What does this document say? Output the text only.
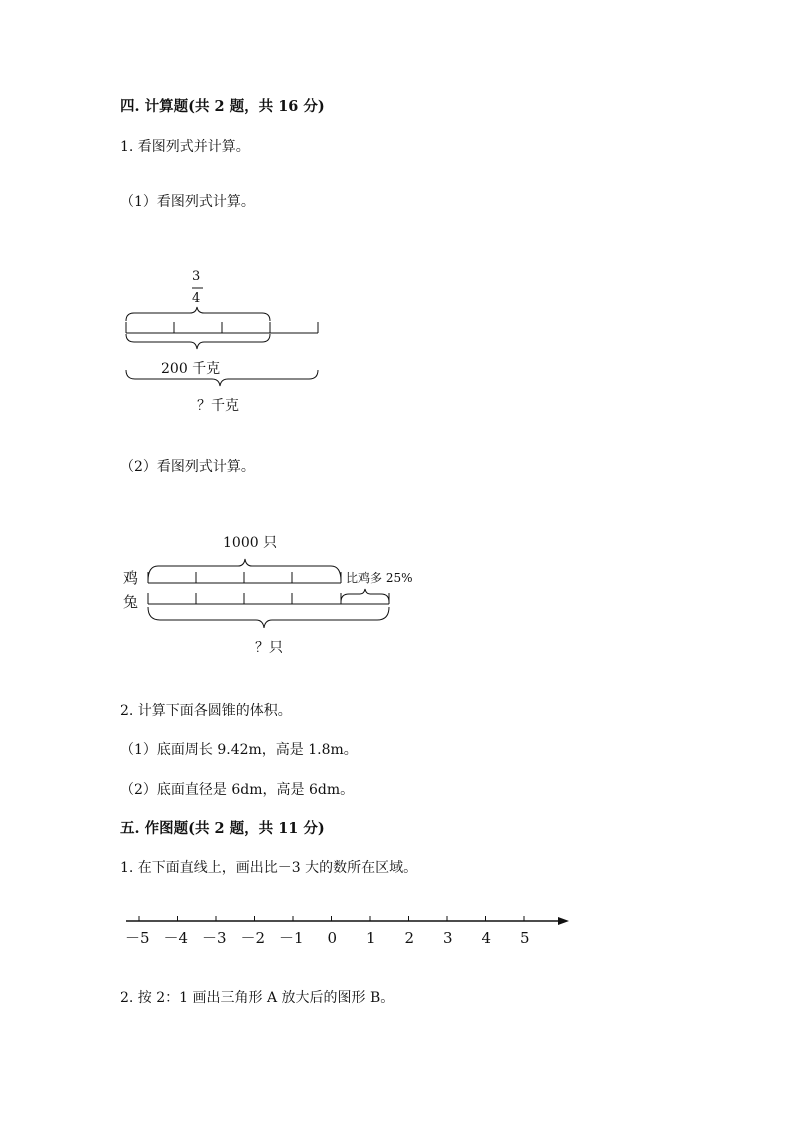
四. 计算题(共 2 题，共 16 分)
1. 看图列式并计算。
（1）看图列式计算。
3
4
200 千克
？千克
（2）看图列式计算。
1000 只
鸡
兔
比鸡多 25%
？只
2. 计算下面各圆锥的体积。
（1）底面周长 9.42m，高是 1.8m。
（2）底面直径是 6dm，高是 6dm。
五. 作图题(共 2 题，共 11 分)
1. 在下面直线上，画出比－3 大的数所在区域。
－5 －4 －3 －2 －1 0 1 2 3 4 5
2. 按 2：1 画出三角形 A 放大后的图形 B。
